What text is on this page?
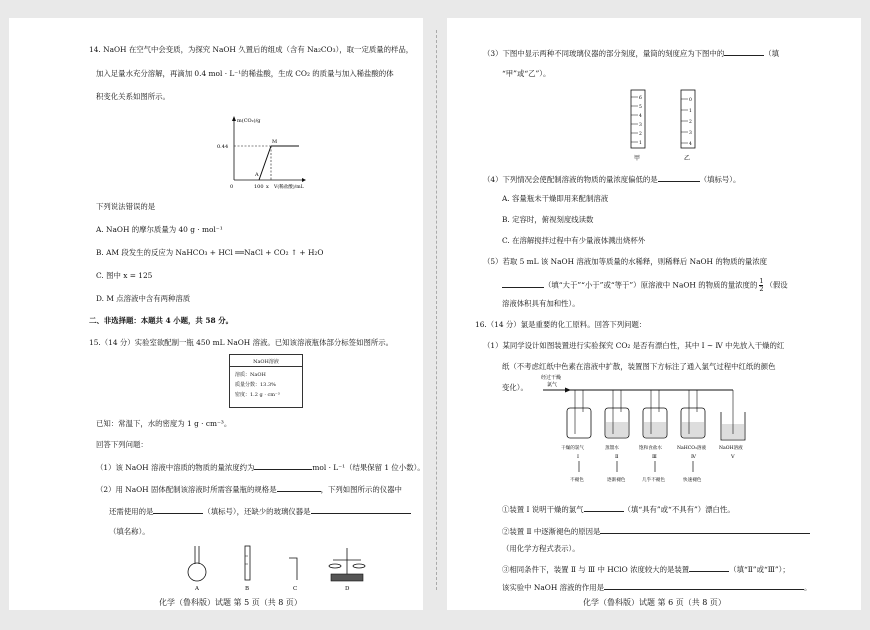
14. NaOH 在空气中会变质，为探究 NaOH 久置后的组成（含有 Na₂CO₃），取一定质量的样品，
加入足量水充分溶解，再滴加 0.4 mol · L⁻¹的稀盐酸，生成 CO₂ 的质量与加入稀盐酸的体
积变化关系如图所示。
m(CO₂)/g
0.44
0	100 x V(稀盐酸)/mL
A
M
下列说法错误的是
A. NaOH 的摩尔质量为 40 g · mol⁻¹
B. AM 段发生的反应为 NaHCO₃ + HCl ══NaCl + CO₂ ↑ + H₂O
C. 图中 x = 125
D. M 点溶液中含有两种溶质
二、非选择题：本题共 4 小题，共 58 分。
15.（14 分）实验室欲配制一瓶 450 mL NaOH 溶液。已知该溶液瓶体部分标签如图所示。
NaOH溶液
溶质：NaOH
质量分数：13.3%
密度：1.2 g · cm⁻³
已知：常温下，水的密度为 1 g · cm⁻³。
回答下列问题：
（1）该 NaOH 溶液中溶质的物质的量浓度约为	mol · L⁻¹（结果保留 1 位小数）。
（2）用 NaOH 固体配制该溶液时所需容量瓶的规格是	，下列如图所示的仪器中
还需使用的是	（填标号），还缺少的玻璃仪器是
（填名称）。
A	B	C	D
化学（鲁科版）试题 第 5 页（共 8 页）
（3）下图中显示两种不同玻璃仪器的部分刻度，量筒的刻度应为下图中的	（填
“甲”或“乙”）。
6
5
4
3
2
1
甲
0
1
2
3
4
乙
（4）下列情况会使配制溶液的物质的量浓度偏低的是	（填标号）。
A. 容量瓶未干燥即用来配制溶液
B. 定容时，俯视刻度线读数
C. 在溶解搅拌过程中有少量液体溅出烧杯外
（5）若取 5 mL 该 NaOH 溶液加等质量的水稀释，则稀释后 NaOH 的物质的量浓度
（填“大于”“小于”或“等于”）原溶液中 NaOH 的物质的量浓度的 $\frac{1}{2}$ （假设
溶液体积具有加和性）。
16.（14 分）氯是重要的化工原料。回答下列问题：
（1）某同学设计如图装置进行实验探究 CO₂ 是否有漂白性，其中 Ⅰ ~ Ⅳ 中先放入干燥的红
纸（不考虑红纸中色素在溶液中扩散，装置图下方标注了通入氯气过程中红纸的颜色
变化）。
经过干燥
氯气
干燥的氯气	蒸馏水	饱和食盐水	NaHCO₃溶液	NaOH溶液
Ⅰ	Ⅱ	Ⅲ	Ⅳ	Ⅴ
不褪色	逐渐褪色	几乎不褪色	快速褪色
①装置 Ⅰ 说明干燥的氯气	（填“具有”或“不具有”）漂白性。
②装置 Ⅱ 中逐渐褪色的原因是
（用化学方程式表示）。
③相同条件下，装置 Ⅱ 与 Ⅲ 中 HClO 浓度较大的是装置	（填“Ⅱ”或“Ⅲ”）；
该实验中 NaOH 溶液的作用是	。
化学（鲁科版）试题 第 6 页（共 8 页）
